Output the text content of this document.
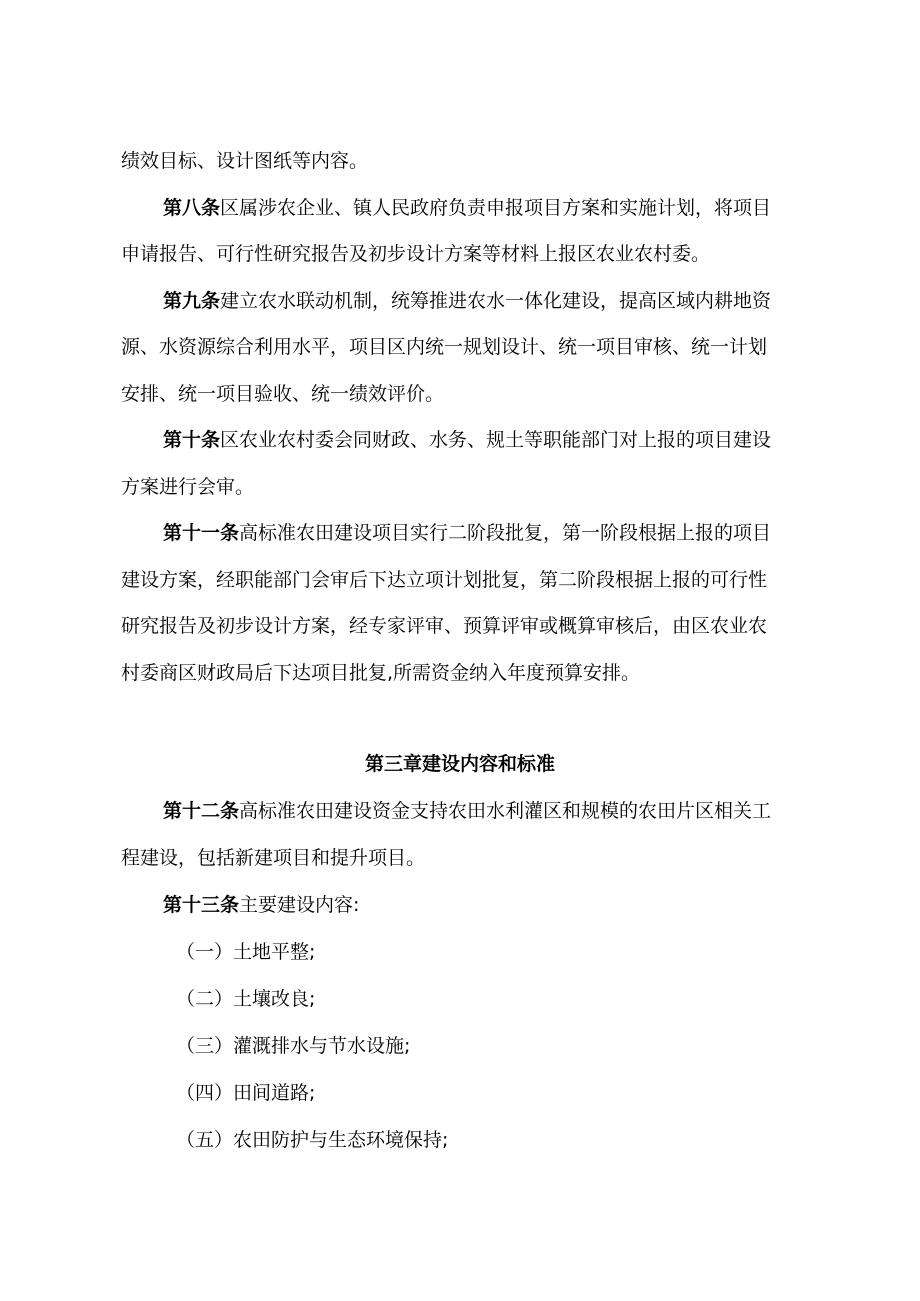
绩效目标、设计图纸等内容。
第八条区属涉农企业、镇人民政府负责申报项目方案和实施计划，将项目
申请报告、可行性研究报告及初步设计方案等材料上报区农业农村委。
第九条建立农水联动机制，统筹推进农水一体化建设，提高区域内耕地资
源、水资源综合利用水平，项目区内统一规划设计、统一项目审核、统一计划
安排、统一项目验收、统一绩效评价。
第十条区农业农村委会同财政、水务、规土等职能部门对上报的项目建设
方案进行会审。
第十一条高标准农田建设项目实行二阶段批复，第一阶段根据上报的项目
建设方案，经职能部门会审后下达立项计划批复，第二阶段根据上报的可行性
研究报告及初步设计方案，经专家评审、预算评审或概算审核后，由区农业农
村委商区财政局后下达项目批复,所需资金纳入年度预算安排。
第三章建设内容和标准
第十二条高标准农田建设资金支持农田水利灌区和规模的农田片区相关工
程建设，包括新建项目和提升项目。
第十三条主要建设内容:
（一）土地平整;
（二）土壤改良;
（三）灌溉排水与节水设施;
（四）田间道路;
（五）农田防护与生态环境保持;
